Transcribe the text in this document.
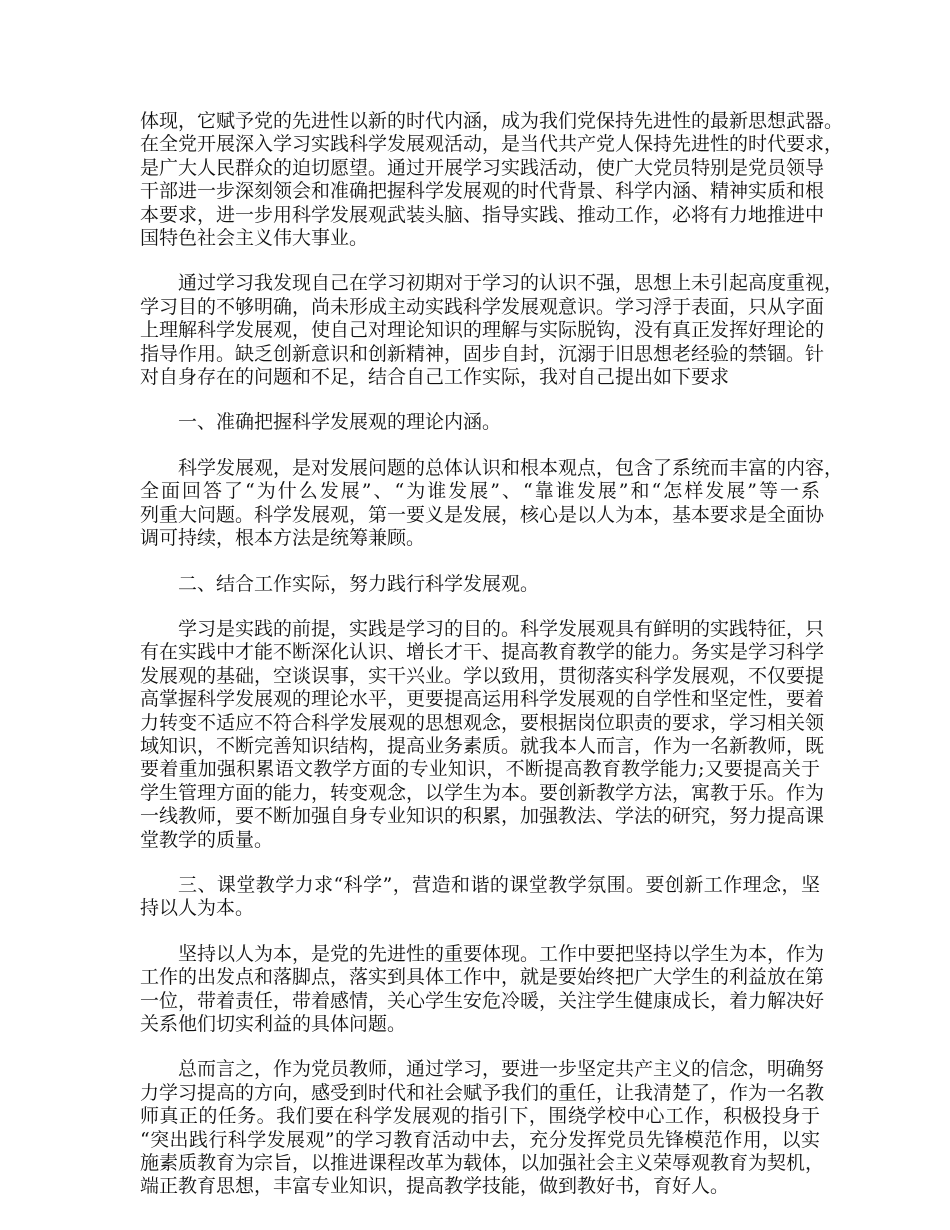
体现，它赋予党的先进性以新的时代内涵，成为我们党保持先进性的最新思想武器。
在全党开展深入学习实践科学发展观活动，是当代共产党人保持先进性的时代要求，
是广大人民群众的迫切愿望。通过开展学习实践活动，使广大党员特别是党员领导
干部进一步深刻领会和准确把握科学发展观的时代背景、科学内涵、精神实质和根
本要求，进一步用科学发展观武装头脑、指导实践、推动工作，必将有力地推进中
国特色社会主义伟大事业。

通过学习我发现自己在学习初期对于学习的认识不强，思想上未引起高度重视，
学习目的不够明确，尚未形成主动实践科学发展观意识。学习浮于表面，只从字面
上理解科学发展观，使自己对理论知识的理解与实际脱钩，没有真正发挥好理论的
指导作用。缺乏创新意识和创新精神，固步自封，沉溺于旧思想老经验的禁锢。针
对自身存在的问题和不足，结合自己工作实际，我对自己提出如下要求

一、准确把握科学发展观的理论内涵。

科学发展观，是对发展问题的总体认识和根本观点，包含了系统而丰富的内容，
全面回答了“为什么发展”、“为谁发展”、“靠谁发展”和“怎样发展”等一系
列重大问题。科学发展观，第一要义是发展，核心是以人为本，基本要求是全面协
调可持续，根本方法是统筹兼顾。

二、结合工作实际，努力践行科学发展观。

学习是实践的前提，实践是学习的目的。科学发展观具有鲜明的实践特征，只
有在实践中才能不断深化认识、增长才干、提高教育教学的能力。务实是学习科学
发展观的基础，空谈误事，实干兴业。学以致用，贯彻落实科学发展观，不仅要提
高掌握科学发展观的理论水平，更要提高运用科学发展观的自学性和坚定性，要着
力转变不适应不符合科学发展观的思想观念，要根据岗位职责的要求，学习相关领
域知识，不断完善知识结构，提高业务素质。就我本人而言，作为一名新教师，既
要着重加强积累语文教学方面的专业知识，不断提高教育教学能力;又要提高关于
学生管理方面的能力，转变观念，以学生为本。要创新教学方法，寓教于乐。作为
一线教师，要不断加强自身专业知识的积累，加强教法、学法的研究，努力提高课
堂教学的质量。

三、课堂教学力求“科学”，营造和谐的课堂教学氛围。要创新工作理念，坚
持以人为本。

坚持以人为本，是党的先进性的重要体现。工作中要把坚持以学生为本，作为
工作的出发点和落脚点，落实到具体工作中，就是要始终把广大学生的利益放在第
一位，带着责任，带着感情，关心学生安危冷暖，关注学生健康成长，着力解决好
关系他们切实利益的具体问题。

总而言之，作为党员教师，通过学习，要进一步坚定共产主义的信念，明确努
力学习提高的方向，感受到时代和社会赋予我们的重任，让我清楚了，作为一名教
师真正的任务。我们要在科学发展观的指引下，围绕学校中心工作，积极投身于
“突出践行科学发展观”的学习教育活动中去，充分发挥党员先锋模范作用，以实
施素质教育为宗旨，以推进课程改革为载体，以加强社会主义荣辱观教育为契机，
端正教育思想，丰富专业知识，提高教学技能，做到教好书，育好人。
